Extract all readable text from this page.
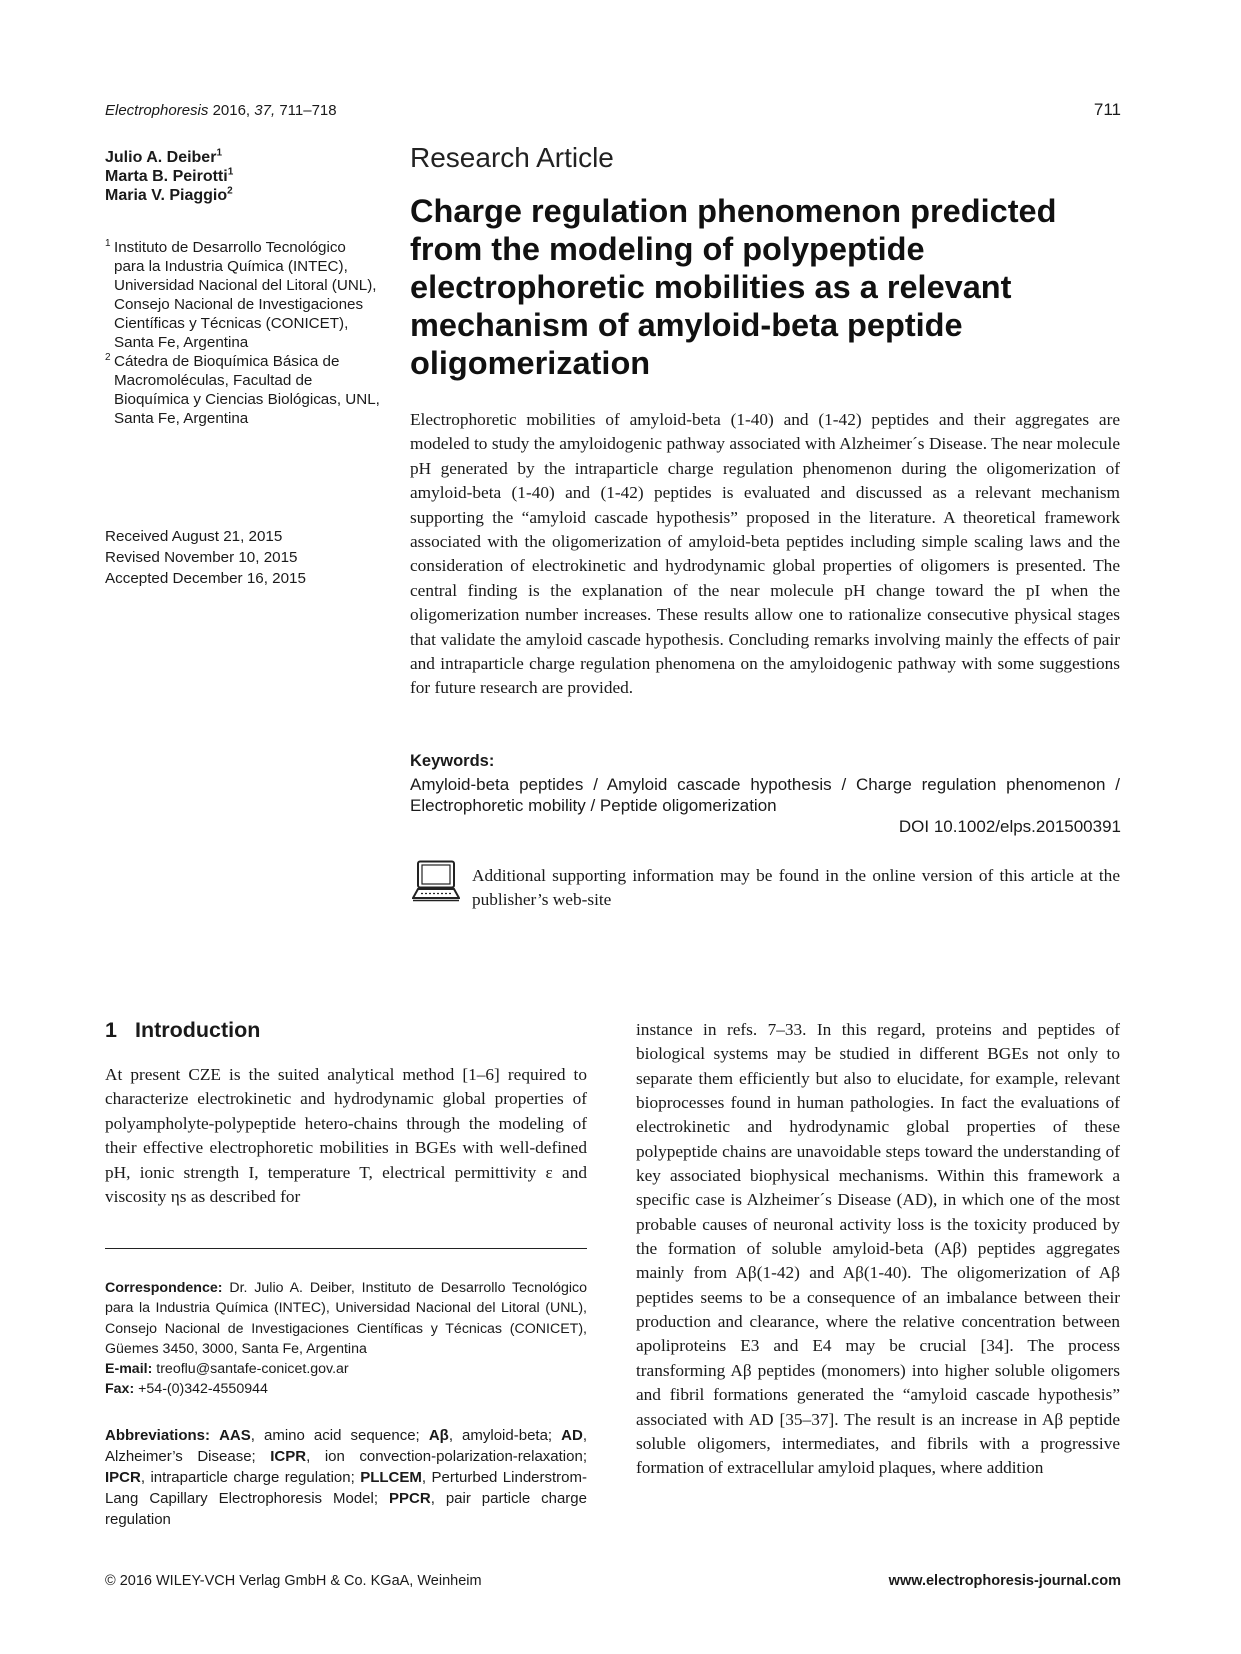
Electrophoresis 2016, 37, 711–718	711
Julio A. Deiber$^1$
Marta B. Peirotti$^1$
Maria V. Piaggio$^2$
1 Instituto de Desarrollo Tecnológico para la Industria Química (INTEC), Universidad Nacional del Litoral (UNL), Consejo Nacional de Investigaciones Científicas y Técnicas (CONICET), Santa Fe, Argentina
2 Cátedra de Bioquímica Básica de Macromoléculas, Facultad de Bioquímica y Ciencias Biológicas, UNL, Santa Fe, Argentina
Received August 21, 2015
Revised November 10, 2015
Accepted December 16, 2015
Research Article
Charge regulation phenomenon predicted from the modeling of polypeptide electrophoretic mobilities as a relevant mechanism of amyloid-beta peptide oligomerization

Electrophoretic mobilities of amyloid-beta (1-40) and (1-42) peptides and their aggregates are modeled to study the amyloidogenic pathway associated with Alzheimer´s Disease. The near molecule pH generated by the intraparticle charge regulation phenomenon during the oligomerization of amyloid-beta (1-40) and (1-42) peptides is evaluated and discussed as a relevant mechanism supporting the “amyloid cascade hypothesis” proposed in the literature. A theoretical framework associated with the oligomerization of amyloid-beta peptides including simple scaling laws and the consideration of electrokinetic and hydrodynamic global properties of oligomers is presented. The central finding is the explanation of the near molecule pH change toward the pI when the oligomerization number increases. These results allow one to rationalize consecutive physical stages that validate the amyloid cascade hypothesis. Concluding remarks involving mainly the effects of pair and intraparticle charge regulation phenomena on the amyloidogenic pathway with some suggestions for future research are provided.

Keywords:

Amyloid-beta peptides / Amyloid cascade hypothesis / Charge regulation phenomenon / Electrophoretic mobility / Peptide oligomerization

DOI 10.1002/elps.201500391

Additional supporting information may be found in the online version of this article at the publisher’s web-site

1 Introduction

At present CZE is the suited analytical method [1–6] required to characterize electrokinetic and hydrodynamic global properties of polyampholyte-polypeptide hetero-chains through the modeling of their effective electrophoretic mobilities in BGEs with well-defined pH, ionic strength I, temperature T, electrical permittivity ε and viscosity ηs as described for

Correspondence: Dr. Julio A. Deiber, Instituto de Desarrollo Tecnológico para la Industria Química (INTEC), Universidad Nacional del Litoral (UNL), Consejo Nacional de Investigaciones Científicas y Técnicas (CONICET), Güemes 3450, 3000, Santa Fe, Argentina
E-mail: treoflu@santafe-conicet.gov.ar
Fax: +54-(0)342-4550944

Abbreviations: AAS, amino acid sequence; Aβ, amyloid-beta; AD, Alzheimer’s Disease; ICPR, ion convection-polarization-relaxation; IPCR, intraparticle charge regulation; PLLCEM, Perturbed Linderstrom-Lang Capillary Electrophoresis Model; PPCR, pair particle charge regulation

instance in refs. 7–33. In this regard, proteins and peptides of biological systems may be studied in different BGEs not only to separate them efficiently but also to elucidate, for example, relevant bioprocesses found in human pathologies. In fact the evaluations of electrokinetic and hydrodynamic global properties of these polypeptide chains are unavoidable steps toward the understanding of key associated biophysical mechanisms. Within this framework a specific case is Alzheimer´s Disease (AD), in which one of the most probable causes of neuronal activity loss is the toxicity produced by the formation of soluble amyloid-beta (Aβ) peptides aggregates mainly from Aβ(1-42) and Aβ(1-40). The oligomerization of Aβ peptides seems to be a consequence of an imbalance between their production and clearance, where the relative concentration between apoliproteins E3 and E4 may be crucial [34]. The process transforming Aβ peptides (monomers) into higher soluble oligomers and fibril formations generated the “amyloid cascade hypothesis” associated with AD [35–37]. The result is an increase in Aβ peptide soluble oligomers, intermediates, and fibrils with a progressive formation of extracellular amyloid plaques, where addition

© 2016 WILEY-VCH Verlag GmbH & Co. KGaA, Weinheim	www.electrophoresis-journal.com
